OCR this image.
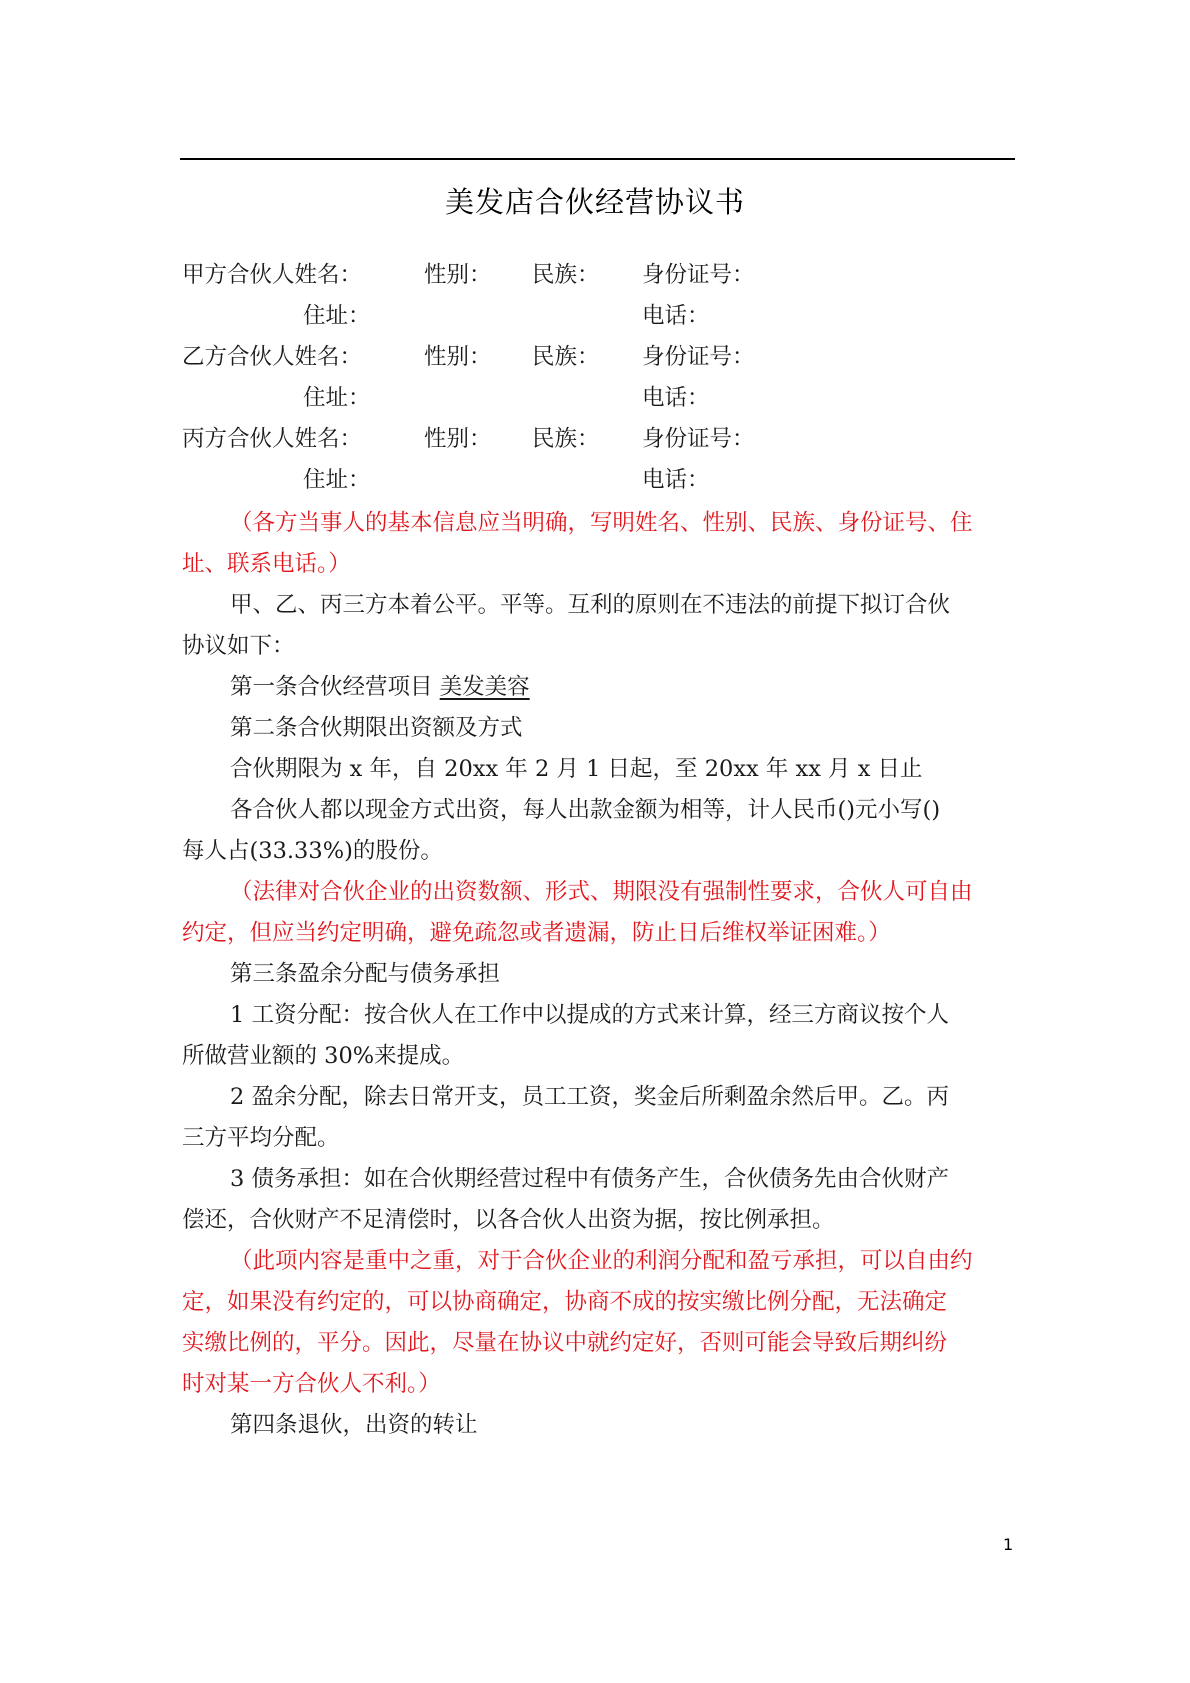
美发店合伙经营协议书
甲方合伙人姓名：	性别： 民族： 身份证号：
住址：	电话：
乙方合伙人姓名：	性别： 民族： 身份证号：
住址：	电话：
丙方合伙人姓名：	性别： 民族： 身份证号：
住址：	电话：
（各方当事人的基本信息应当明确，写明姓名、性别、民族、身份证号、住
址、联系电话。）
甲、乙、丙三方本着公平。平等。互利的原则在不违法的前提下拟订合伙
协议如下：
第一条合伙经营项目 美发美容
第二条合伙期限出资额及方式
合伙期限为 x 年，自 20xx 年 2 月 1 日起，至 20xx 年 xx 月 x 日止
各合伙人都以现金方式出资，每人出款金额为相等，计人民币()元小写()
每人占(33.33%)的股份。
（法律对合伙企业的出资数额、形式、期限没有强制性要求，合伙人可自由
约定，但应当约定明确，避免疏忽或者遗漏，防止日后维权举证困难。）
第三条盈余分配与债务承担
1 工资分配：按合伙人在工作中以提成的方式来计算，经三方商议按个人
所做营业额的 30%来提成。
2 盈余分配，除去日常开支，员工工资，奖金后所剩盈余然后甲。乙。丙
三方平均分配。
3 债务承担：如在合伙期经营过程中有债务产生，合伙债务先由合伙财产
偿还，合伙财产不足清偿时，以各合伙人出资为据，按比例承担。
（此项内容是重中之重，对于合伙企业的利润分配和盈亏承担，可以自由约
定，如果没有约定的，可以协商确定，协商不成的按实缴比例分配，无法确定
实缴比例的，平分。因此，尽量在协议中就约定好，否则可能会导致后期纠纷
时对某一方合伙人不利。）
第四条退伙，出资的转让
1
